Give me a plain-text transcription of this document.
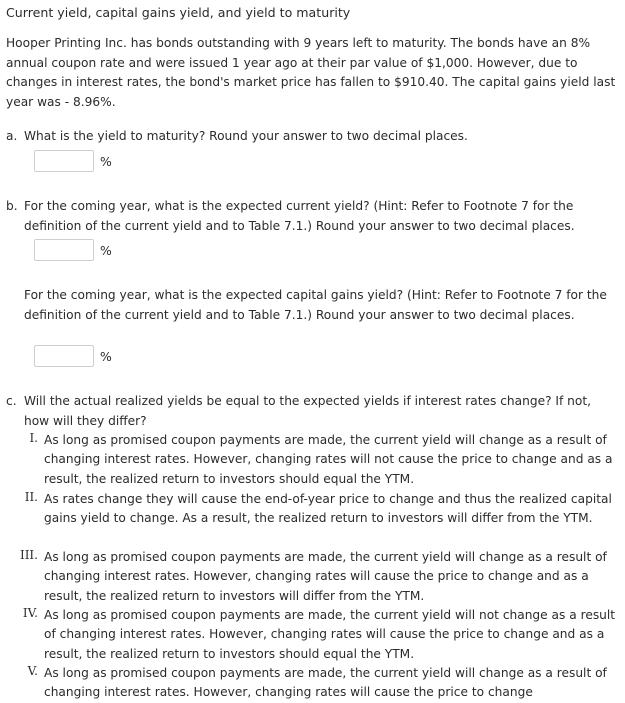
Current yield, capital gains yield, and yield to maturity
Hooper Printing Inc. has bonds outstanding with 9 years left to maturity. The bonds have an 8% annual coupon rate and were issued 1 year ago at their par value of $1,000. However, due to changes in interest rates, the bond's market price has fallen to $910.40. The capital gains yield last year was - 8.96%.
a. What is the yield to maturity? Round your answer to two decimal places.
%
b. For the coming year, what is the expected current yield? (Hint: Refer to Footnote 7 for the definition of the current yield and to Table 7.1.) Round your answer to two decimal places.
%
For the coming year, what is the expected capital gains yield? (Hint: Refer to Footnote 7 for the definition of the current yield and to Table 7.1.) Round your answer to two decimal places.
%
c. Will the actual realized yields be equal to the expected yields if interest rates change? If not, how will they differ?
I. As long as promised coupon payments are made, the current yield will change as a result of changing interest rates. However, changing rates will not cause the price to change and as a result, the realized return to investors should equal the YTM.
II. As rates change they will cause the end-of-year price to change and thus the realized capital gains yield to change. As a result, the realized return to investors will differ from the YTM.
III. As long as promised coupon payments are made, the current yield will change as a result of changing interest rates. However, changing rates will cause the price to change and as a result, the realized return to investors will differ from the YTM.
IV. As long as promised coupon payments are made, the current yield will not change as a result of changing interest rates. However, changing rates will cause the price to change and as a result, the realized return to investors should equal the YTM.
V. As long as promised coupon payments are made, the current yield will change as a result of changing interest rates. However, changing rates will cause the price to change
